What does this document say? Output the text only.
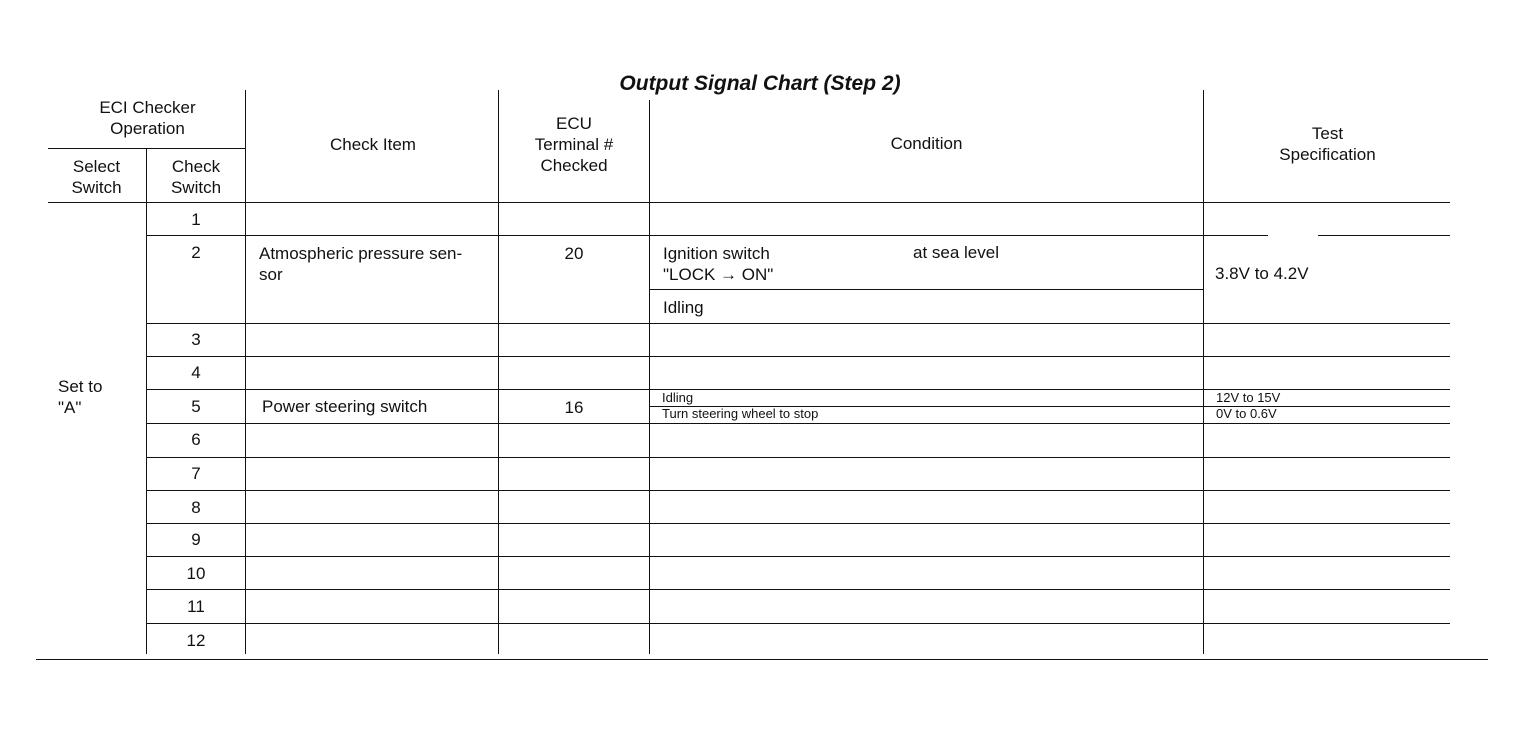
Output Signal Chart (Step 2)
ECI Checker
Operation
Select
Switch
Check
Switch
Check Item
ECU
Terminal #
Checked
Condition
Test
Specification
Set to
"A"
1
2
3
4
5
6
7
8
9
10
11
12
Atmospheric pressure sen-
sor
20	Ignition switch
"LOCK → ON"
at sea level
Idling
3.8V to 4.2V
Power steering switch	16
Idling
Turn steering wheel to stop
12V to 15V
0V to 0.6V
